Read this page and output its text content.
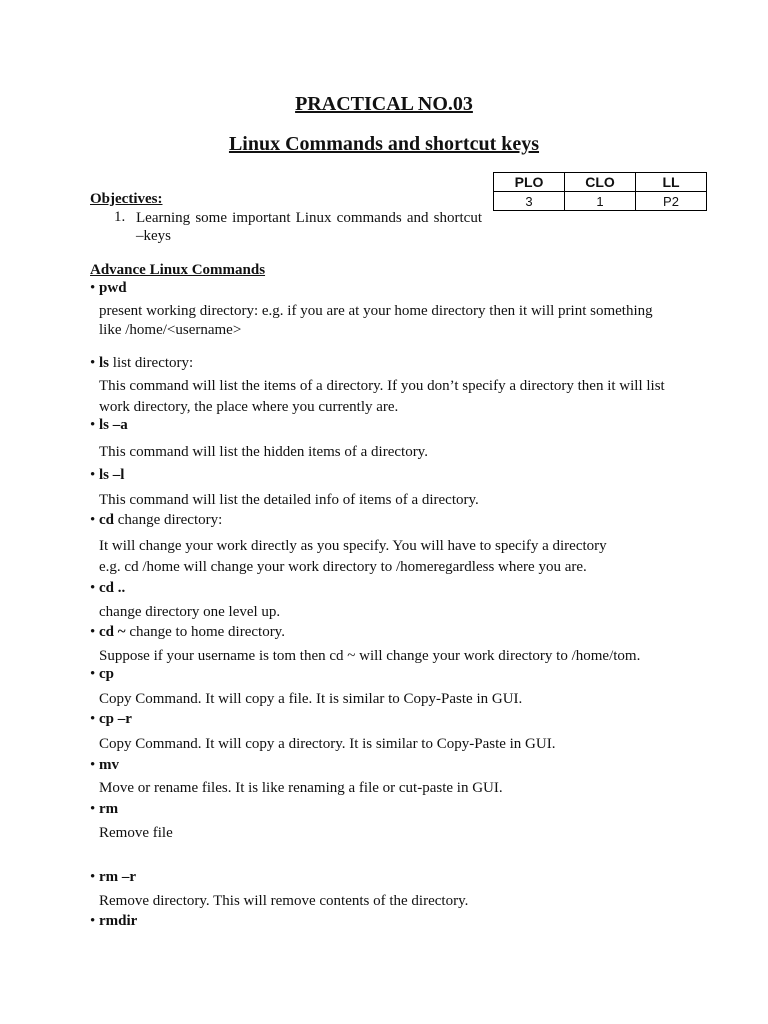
PRACTICAL NO.03
Linux Commands and shortcut keys
PLO	CLO	LL
3	1	P2
Objectives:
1. Learning some important Linux commands and shortcut –keys
Advance Linux Commands
• pwd
present working directory: e.g. if you are at your home directory then it will print something
like /home/<username>
• ls list directory:
This command will list the items of a directory. If you don’t specify a directory then it will list
work directory, the place where you currently are.
• ls –a
This command will list the hidden items of a directory.
• ls –l
This command will list the detailed info of items of a directory.
• cd change directory:
It will change your work directly as you specify. You will have to specify a directory
e.g. cd /home will change your work directory to /homeregardless where you are.
• cd ..
change directory one level up.
• cd ~ change to home directory.
Suppose if your username is tom then cd ~ will change your work directory to /home/tom.
• cp
Copy Command. It will copy a file. It is similar to Copy-Paste in GUI.
• cp –r
Copy Command. It will copy a directory. It is similar to Copy-Paste in GUI.
• mv
Move or rename files. It is like renaming a file or cut-paste in GUI.
• rm
Remove file
• rm –r
Remove directory. This will remove contents of the directory.
• rmdir
